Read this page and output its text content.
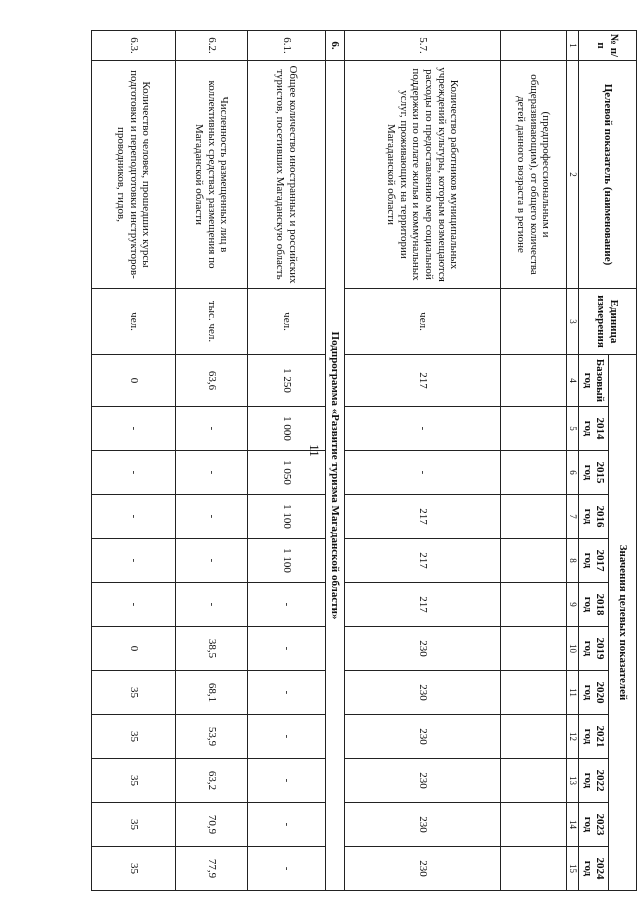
11
№ п/п	Целевой показатель (наименование)	Единица измерения	Значения целевых показателей											
			Базовый год	2014 год	2015 год	2016 год	2017 год	2018 год	2019 год	2020 год	2021 год	2022 год	2023 год	2024 год
1	2	3	4	5	6	7	8	9	10	11	12	13	14	15
	(предпрофессиональным и общеразвивающим), от общего количества детей данного возраста в регионе													
5.7.	Количество работников муниципальных учреждений культуры, которым возмещаются расходы по предоставлению мер социальной поддержки по оплате жилья и коммунальных услуг, проживающих на территории Магаданской области	чел.	217	-	-	217	217	217	230	230	230	230	230	230
6.	Подпрограмма «Развитие туризма Магаданской области»													
6.1.	Общее количество иностранных и российских туристов, посетивших Магаданскую область	чел.	1 250	1 000	1 050	1 100	1 100	-	-	-	-	-	-	-
6.2.	Численность размещенных лиц в коллективных средствах размещения по Магаданской области	тыс. чел.	63,6	-	-	-	-	-	38,5	68,1	53,9	63,2	70,9	77,9
6.3.	Количество человек, прошедших курсы подготовки и переподготовки инструкторов-проводников, гидов,	чел.	0	-	-	-	-	-	0	35	35	35	35	35
